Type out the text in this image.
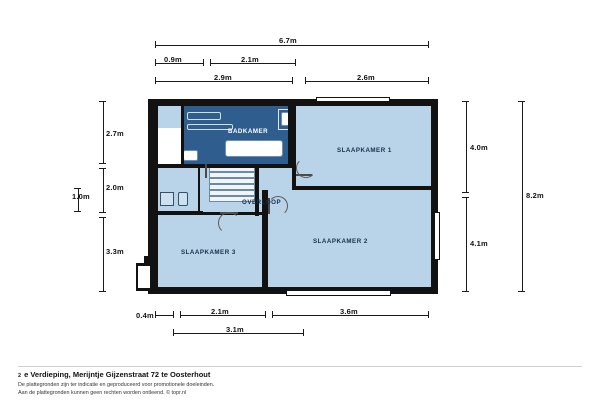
6.7m
0.9m	2.1m
2.9m	2.6m
2.7m
2.0m
3.3m
1.0m
4.0m
4.1m
8.2m
0.4m	2.1m	3.6m
3.1m
BADKAMER
OVERLOOP
SLAAPKAMER 1
SLAAPKAMER 2
SLAAPKAMER 3
2 e Verdieping, Merijntje Gijzenstraat 72 te Oosterhout
De plattegronden zijn ter indicatie en geproduceerd voor promotionele doeleinden.
Aan de plattegronden kunnen geen rechten worden ontleend. © topr.nl
